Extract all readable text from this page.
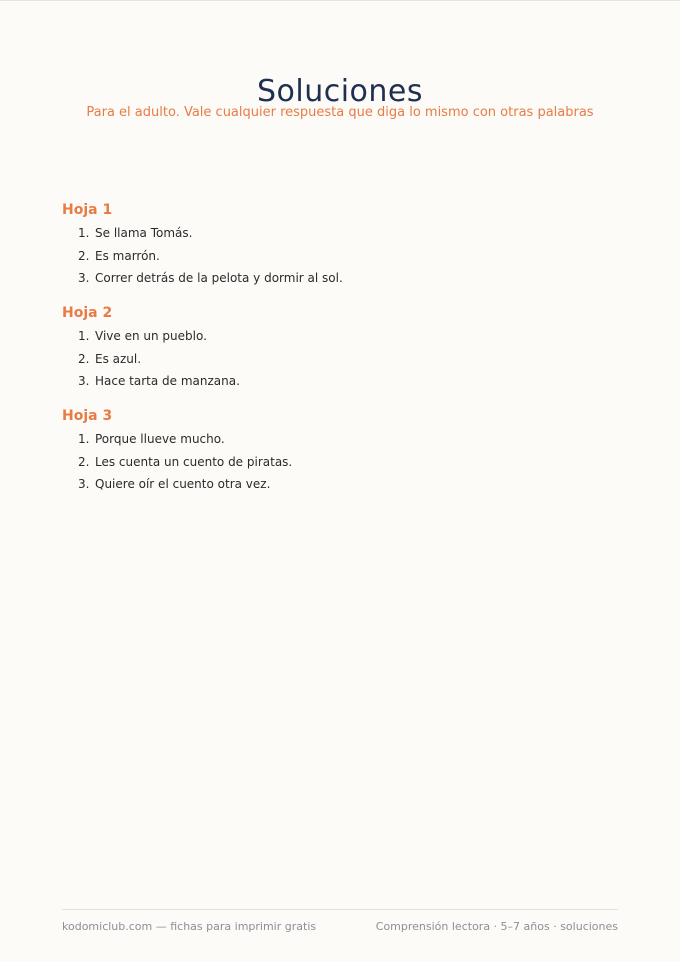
Soluciones
Para el adulto. Vale cualquier respuesta que diga lo mismo con otras palabras
Hoja 1
1. Se llama Tomás.
2. Es marrón.
3. Correr detrás de la pelota y dormir al sol.
Hoja 2
1. Vive en un pueblo.
2. Es azul.
3. Hace tarta de manzana.
Hoja 3
1. Porque llueve mucho.
2. Les cuenta un cuento de piratas.
3. Quiere oír el cuento otra vez.
kodomiclub.com — fichas para imprimir gratis	Comprensión lectora · 5–7 años · soluciones
